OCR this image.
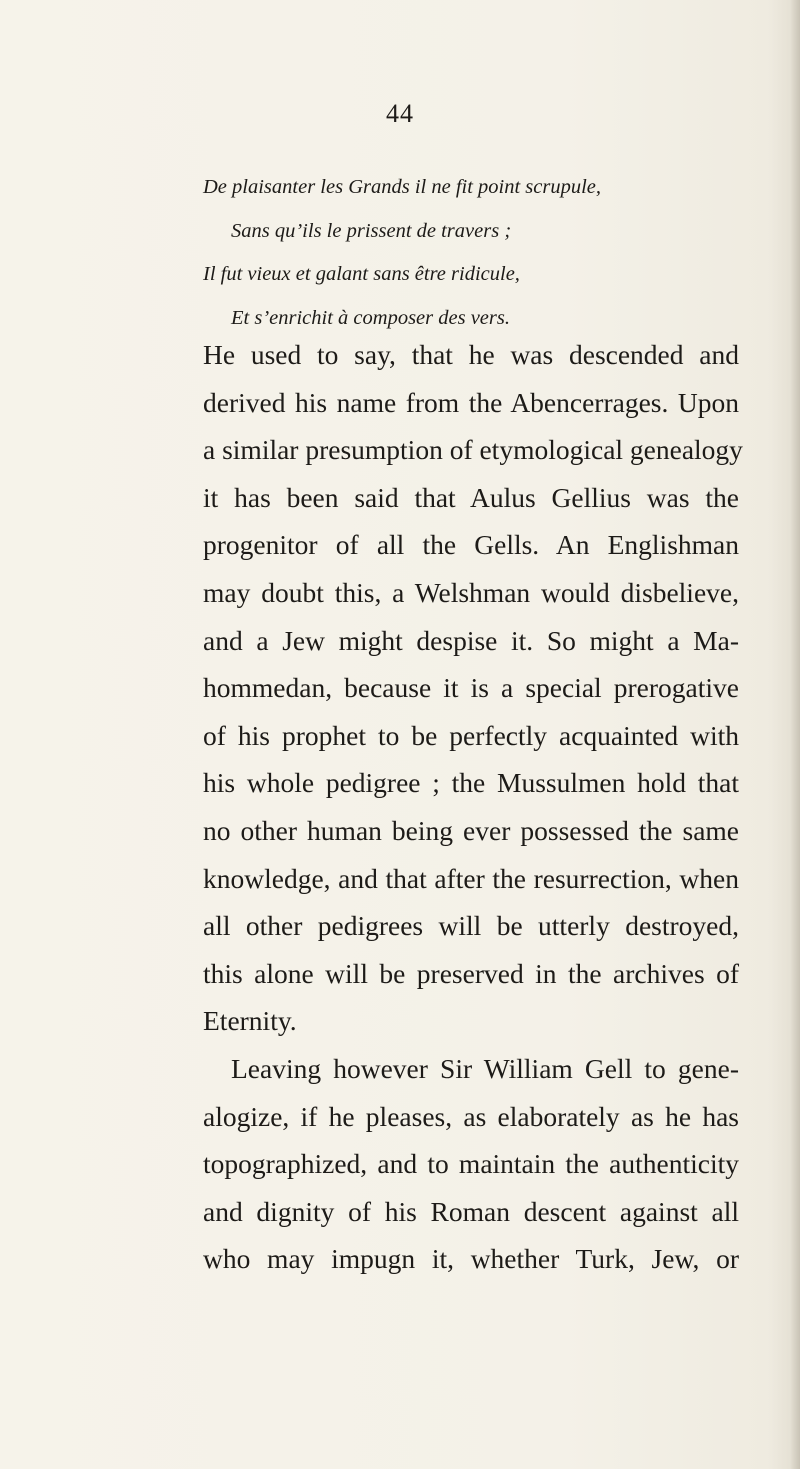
44
De plaisanter les Grands il ne fit point scrupule,
Sans qu’ils le prissent de travers ;
Il fut vieux et galant sans être ridicule,
Et s’enrichit à composer des vers.
He used to say, that he was descended and
derived his name from the Abencerrages. Upon
a similar presumption of etymological genealogy
it has been said that Aulus Gellius was the
progenitor of all the Gells. An Englishman
may doubt this, a Welshman would disbelieve,
and a Jew might despise it. So might a Ma-
hommedan, because it is a special prerogative
of his prophet to be perfectly acquainted with
his whole pedigree ; the Mussulmen hold that
no other human being ever possessed the same
knowledge, and that after the resurrection, when
all other pedigrees will be utterly destroyed,
this alone will be preserved in the archives of
Eternity.
Leaving however Sir William Gell to gene-
alogize, if he pleases, as elaborately as he has
topographized, and to maintain the authenticity
and dignity of his Roman descent against all
who may impugn it, whether Turk, Jew, or
